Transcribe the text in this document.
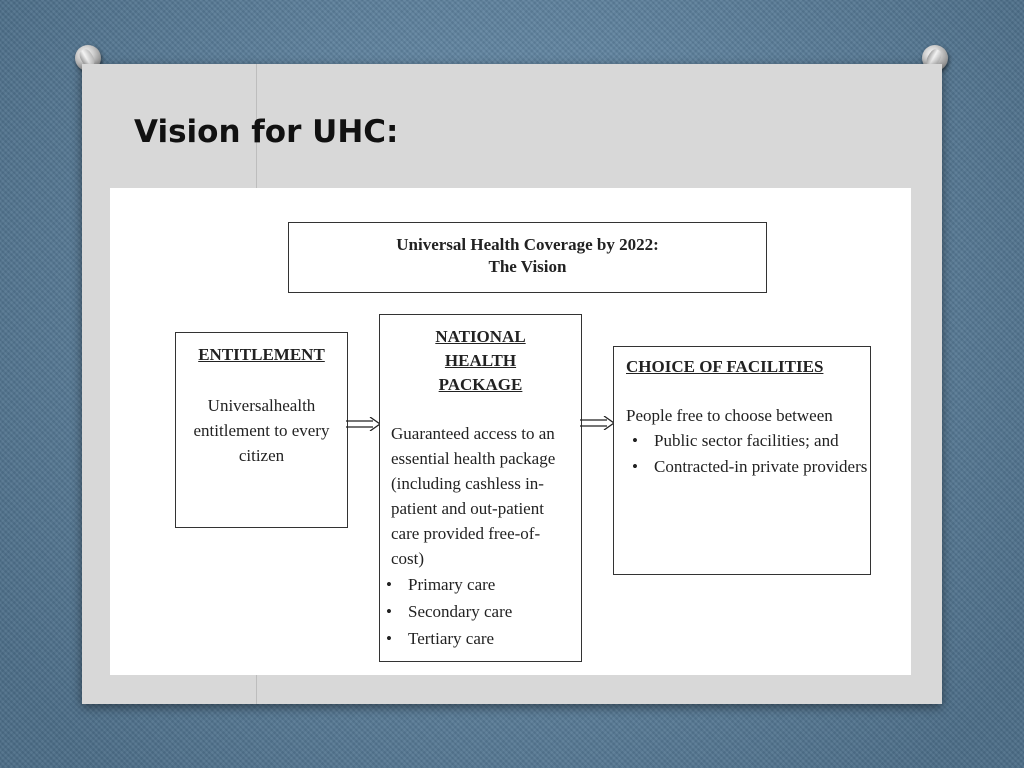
Vision for UHC:
Universal Health Coverage by 2022:
The Vision
ENTITLEMENT
Universalhealth entitlement to every citizen
NATIONAL
HEALTH
PACKAGE
Guaranteed access to an essential health package (including cashless in-patient and out-patient care provided free-of-cost)
• Primary care
• Secondary care
• Tertiary care
CHOICE OF FACILITIES
People free to choose between
• Public sector facilities; and
• Contracted-in private providers
